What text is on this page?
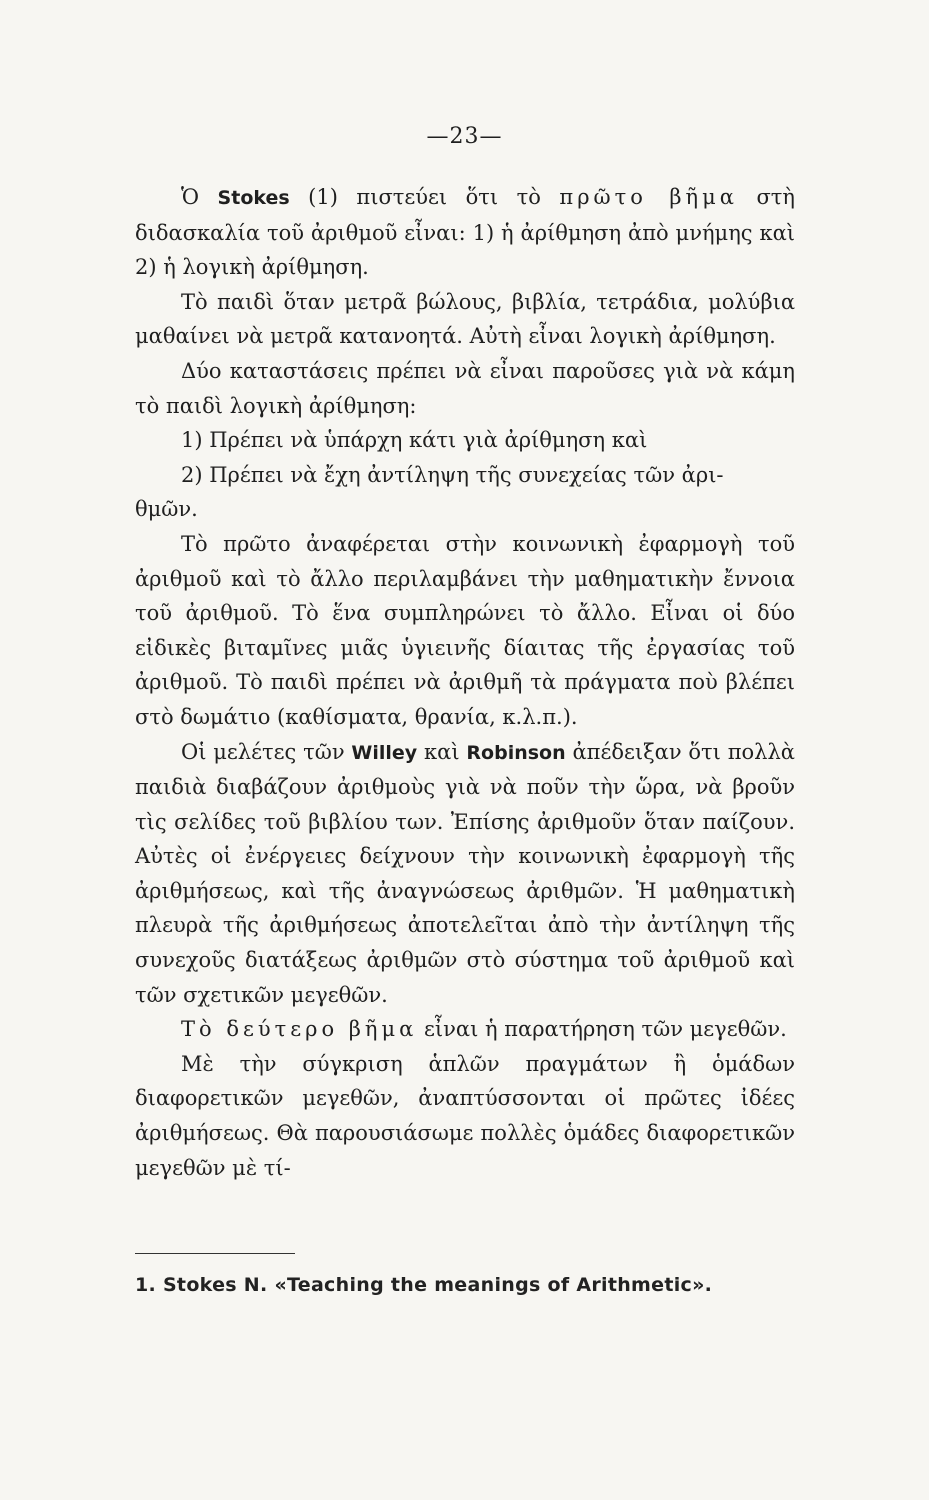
—23—

Ὁ Stokes (1) πιστεύει ὅτι τὸ πρῶτο βῆμα στὴ διδασκαλία τοῦ ἀριθμοῦ εἶναι: 1) ἡ ἀρίθμηση ἀπὸ μνήμης καὶ 2) ἡ λογικὴ ἀρίθμηση.

Τὸ παιδὶ ὅταν μετρᾶ βώλους, βιβλία, τετράδια, μολύβια μαθαίνει νὰ μετρᾶ κατανοητά. Αὐτὴ εἶναι λογικὴ ἀρίθμηση.

Δύο καταστάσεις πρέπει νὰ εἶναι παροῦσες γιὰ νὰ κάμη τὸ παιδὶ λογικὴ ἀρίθμηση:

1) Πρέπει νὰ ὑπάρχη κάτι γιὰ ἀρίθμηση καὶ

2) Πρέπει νὰ ἔχη ἀντίληψη τῆς συνεχείας τῶν ἀρι-

θμῶν.

Τὸ πρῶτο ἀναφέρεται στὴν κοινωνικὴ ἐφαρμογὴ τοῦ ἀριθμοῦ καὶ τὸ ἄλλο περιλαμβάνει τὴν μαθηματικὴν ἔννοια τοῦ ἀριθμοῦ. Τὸ ἕνα συμπληρώνει τὸ ἄλλο. Εἶναι οἱ δύο εἰδικὲς βιταμῖνες μιᾶς ὑγιεινῆς δίαιτας τῆς ἐργασίας τοῦ ἀριθμοῦ. Τὸ παιδὶ πρέπει νὰ ἀριθμῆ τὰ πράγματα ποὺ βλέπει στὸ δωμάτιο (καθίσματα, θρανία, κ.λ.π.).

Οἱ μελέτες τῶν Willey καὶ Robinson ἀπέδειξαν ὅτι πολλὰ παιδιὰ διαβάζουν ἀριθμοὺς γιὰ νὰ ποῦν τὴν ὥρα, νὰ βροῦν τὶς σελίδες τοῦ βιβλίου των. Ἐπίσης ἀριθμοῦν ὅταν παίζουν. Αὐτὲς οἱ ἐνέργειες δείχνουν τὴν κοινωνικὴ ἐφαρμογὴ τῆς ἀριθμήσεως, καὶ τῆς ἀναγνώσεως ἀριθμῶν. Ἡ μαθηματικὴ πλευρὰ τῆς ἀριθμήσεως ἀποτελεῖται ἀπὸ τὴν ἀντίληψη τῆς συνεχοῦς διατάξεως ἀριθμῶν στὸ σύστημα τοῦ ἀριθμοῦ καὶ τῶν σχετικῶν μεγεθῶν.

Τὸ δεύτερο βῆμα εἶναι ἡ παρατήρηση τῶν μεγεθῶν.

Μὲ τὴν σύγκριση ἁπλῶν πραγμάτων ἢ ὁμάδων διαφορετικῶν μεγεθῶν, ἀναπτύσσονται οἱ πρῶτες ἰδέες ἀριθμήσεως. Θὰ παρουσιάσωμε πολλὲς ὁμάδες διαφορετικῶν μεγεθῶν μὲ τί-

1. Stokes N. «Teaching the meanings of Arithmetic».
